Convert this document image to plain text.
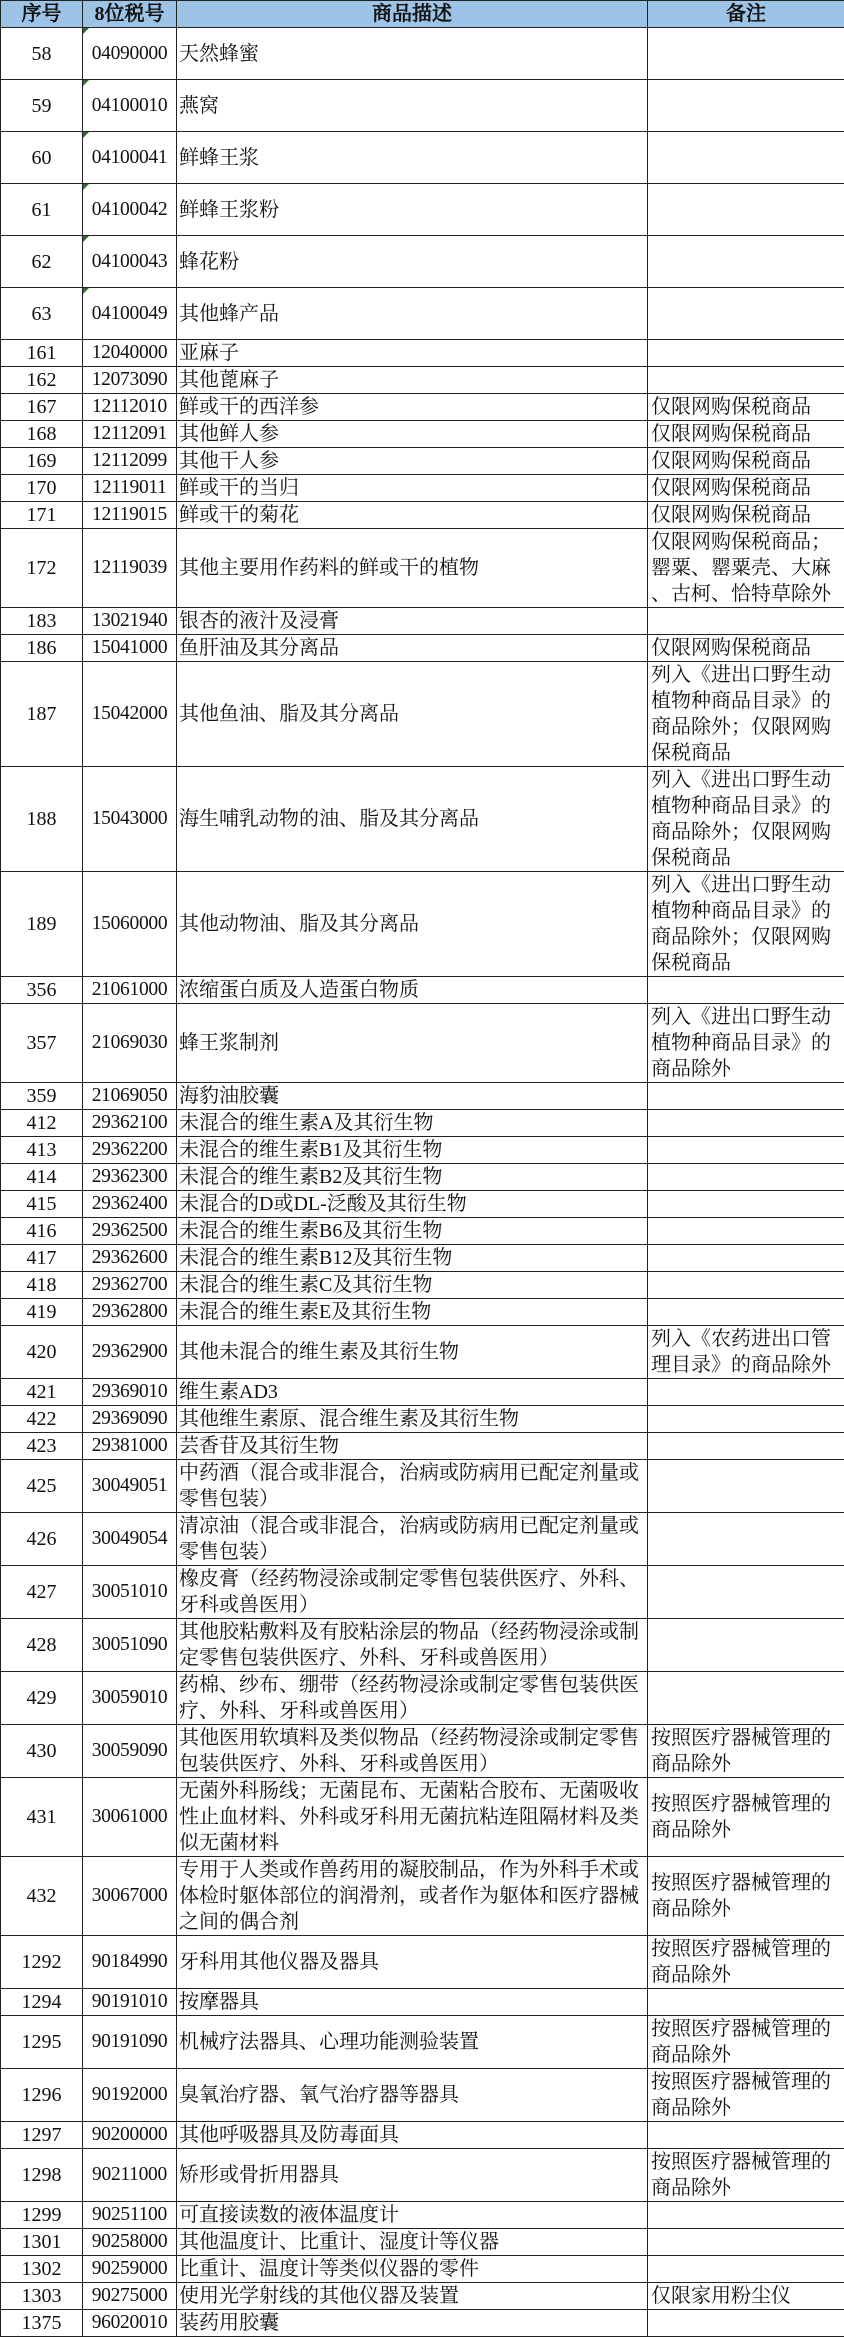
序号	8位税号	商品描述	备注
58	04090000	天然蜂蜜	
59	04100010	燕窝	
60	04100041	鲜蜂王浆	
61	04100042	鲜蜂王浆粉	
62	04100043	蜂花粉	
63	04100049	其他蜂产品	
161	12040000	亚麻子	
162	12073090	其他蓖麻子	
167	12112010	鲜或干的西洋参	仅限网购保税商品
168	12112091	其他鲜人参	仅限网购保税商品
169	12112099	其他干人参	仅限网购保税商品
170	12119011	鲜或干的当归	仅限网购保税商品
171	12119015	鲜或干的菊花	仅限网购保税商品
172	12119039	其他主要用作药料的鲜或干的植物	仅限网购保税商品；罂粟、罂粟壳、大麻、古柯、恰特草除外
183	13021940	银杏的液汁及浸膏	
186	15041000	鱼肝油及其分离品	仅限网购保税商品
187	15042000	其他鱼油、脂及其分离品	列入《进出口野生动植物种商品目录》的商品除外；仅限网购保税商品
188	15043000	海生哺乳动物的油、脂及其分离品	列入《进出口野生动植物种商品目录》的商品除外；仅限网购保税商品
189	15060000	其他动物油、脂及其分离品	列入《进出口野生动植物种商品目录》的商品除外；仅限网购保税商品
356	21061000	浓缩蛋白质及人造蛋白物质	
357	21069030	蜂王浆制剂	列入《进出口野生动植物种商品目录》的商品除外
359	21069050	海豹油胶囊	
412	29362100	未混合的维生素A及其衍生物	
413	29362200	未混合的维生素B1及其衍生物	
414	29362300	未混合的维生素B2及其衍生物	
415	29362400	未混合的D或DL-泛酸及其衍生物	
416	29362500	未混合的维生素B6及其衍生物	
417	29362600	未混合的维生素B12及其衍生物	
418	29362700	未混合的维生素C及其衍生物	
419	29362800	未混合的维生素E及其衍生物	
420	29362900	其他未混合的维生素及其衍生物	列入《农药进出口管理目录》的商品除外
421	29369010	维生素AD3	
422	29369090	其他维生素原、混合维生素及其衍生物	
423	29381000	芸香苷及其衍生物	
425	30049051	中药酒（混合或非混合，治病或防病用已配定剂量或零售包装）	
426	30049054	清凉油（混合或非混合，治病或防病用已配定剂量或零售包装）	
427	30051010	橡皮膏（经药物浸涂或制定零售包装供医疗、外科、牙科或兽医用）	
428	30051090	其他胶粘敷料及有胶粘涂层的物品（经药物浸涂或制定零售包装供医疗、外科、牙科或兽医用）	
429	30059010	药棉、纱布、绷带（经药物浸涂或制定零售包装供医疗、外科、牙科或兽医用）	
430	30059090	其他医用软填料及类似物品（经药物浸涂或制定零售包装供医疗、外科、牙科或兽医用）	按照医疗器械管理的商品除外
431	30061000	无菌外科肠线；无菌昆布、无菌粘合胶布、无菌吸收性止血材料、外科或牙科用无菌抗粘连阻隔材料及类似无菌材料	按照医疗器械管理的商品除外
432	30067000	专用于人类或作兽药用的凝胶制品，作为外科手术或体检时躯体部位的润滑剂，或者作为躯体和医疗器械之间的偶合剂	按照医疗器械管理的商品除外
1292	90184990	牙科用其他仪器及器具	按照医疗器械管理的商品除外
1294	90191010	按摩器具	
1295	90191090	机械疗法器具、心理功能测验装置	按照医疗器械管理的商品除外
1296	90192000	臭氧治疗器、氧气治疗器等器具	按照医疗器械管理的商品除外
1297	90200000	其他呼吸器具及防毒面具	
1298	90211000	矫形或骨折用器具	按照医疗器械管理的商品除外
1299	90251100	可直接读数的液体温度计	
1301	90258000	其他温度计、比重计、湿度计等仪器	
1302	90259000	比重计、温度计等类似仪器的零件	
1303	90275000	使用光学射线的其他仪器及装置	仅限家用粉尘仪
1375	96020010	装药用胶囊	
